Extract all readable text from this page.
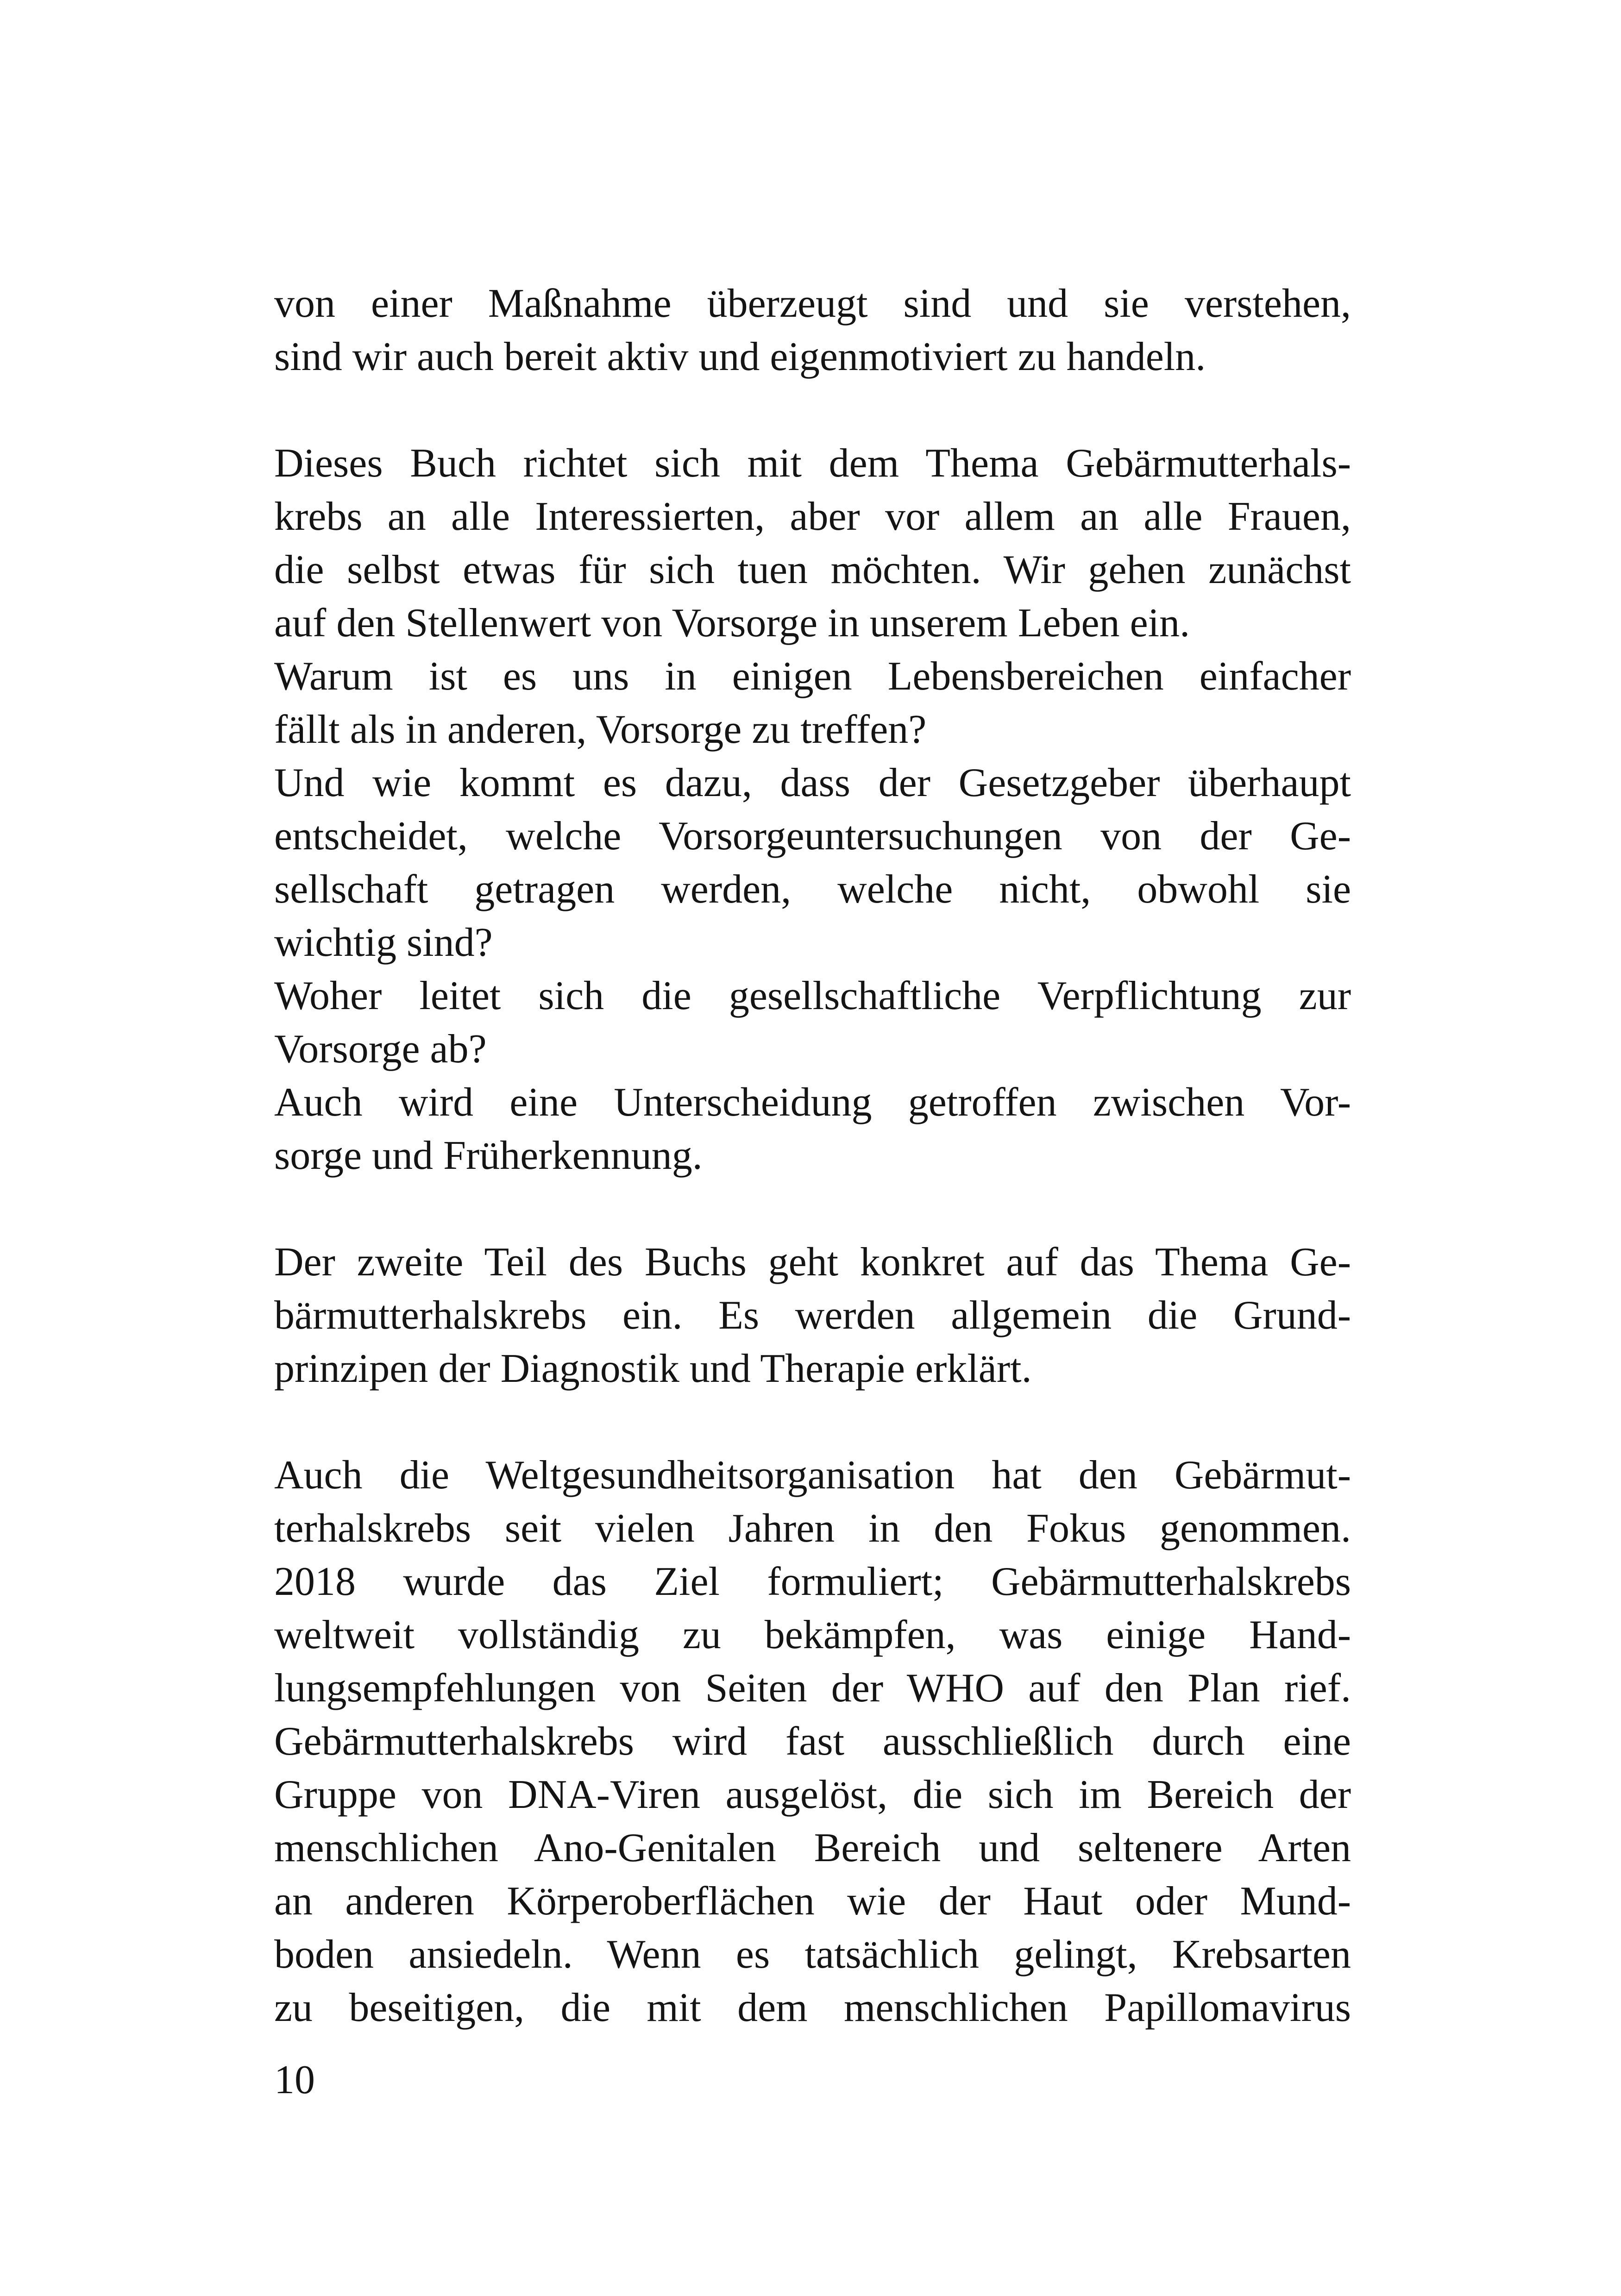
von einer Maßnahme überzeugt sind und sie verstehen,
sind wir auch bereit aktiv und eigenmotiviert zu handeln.
Dieses Buch richtet sich mit dem Thema Gebärmutterhals-
krebs an alle Interessierten, aber vor allem an alle Frauen,
die selbst etwas für sich tuen möchten. Wir gehen zunächst
auf den Stellenwert von Vorsorge in unserem Leben ein.
Warum ist es uns in einigen Lebensbereichen einfacher
fällt als in anderen, Vorsorge zu treffen?
Und wie kommt es dazu, dass der Gesetzgeber überhaupt
entscheidet, welche Vorsorgeuntersuchungen von der Ge-
sellschaft getragen werden, welche nicht, obwohl sie
wichtig sind?
Woher leitet sich die gesellschaftliche Verpflichtung zur
Vorsorge ab?
Auch wird eine Unterscheidung getroffen zwischen Vor-
sorge und Früherkennung.
Der zweite Teil des Buchs geht konkret auf das Thema Ge-
bärmutterhalskrebs ein. Es werden allgemein die Grund-
prinzipen der Diagnostik und Therapie erklärt.
Auch die Weltgesundheitsorganisation hat den Gebärmut-
terhalskrebs seit vielen Jahren in den Fokus genommen.
2018 wurde das Ziel formuliert; Gebärmutterhalskrebs
weltweit vollständig zu bekämpfen, was einige Hand-
lungsempfehlungen von Seiten der WHO auf den Plan rief.
Gebärmutterhalskrebs wird fast ausschließlich durch eine
Gruppe von DNA-Viren ausgelöst, die sich im Bereich der
menschlichen Ano-Genitalen Bereich und seltenere Arten
an anderen Körperoberflächen wie der Haut oder Mund-
boden ansiedeln. Wenn es tatsächlich gelingt, Krebsarten
zu beseitigen, die mit dem menschlichen Papillomavirus
10
